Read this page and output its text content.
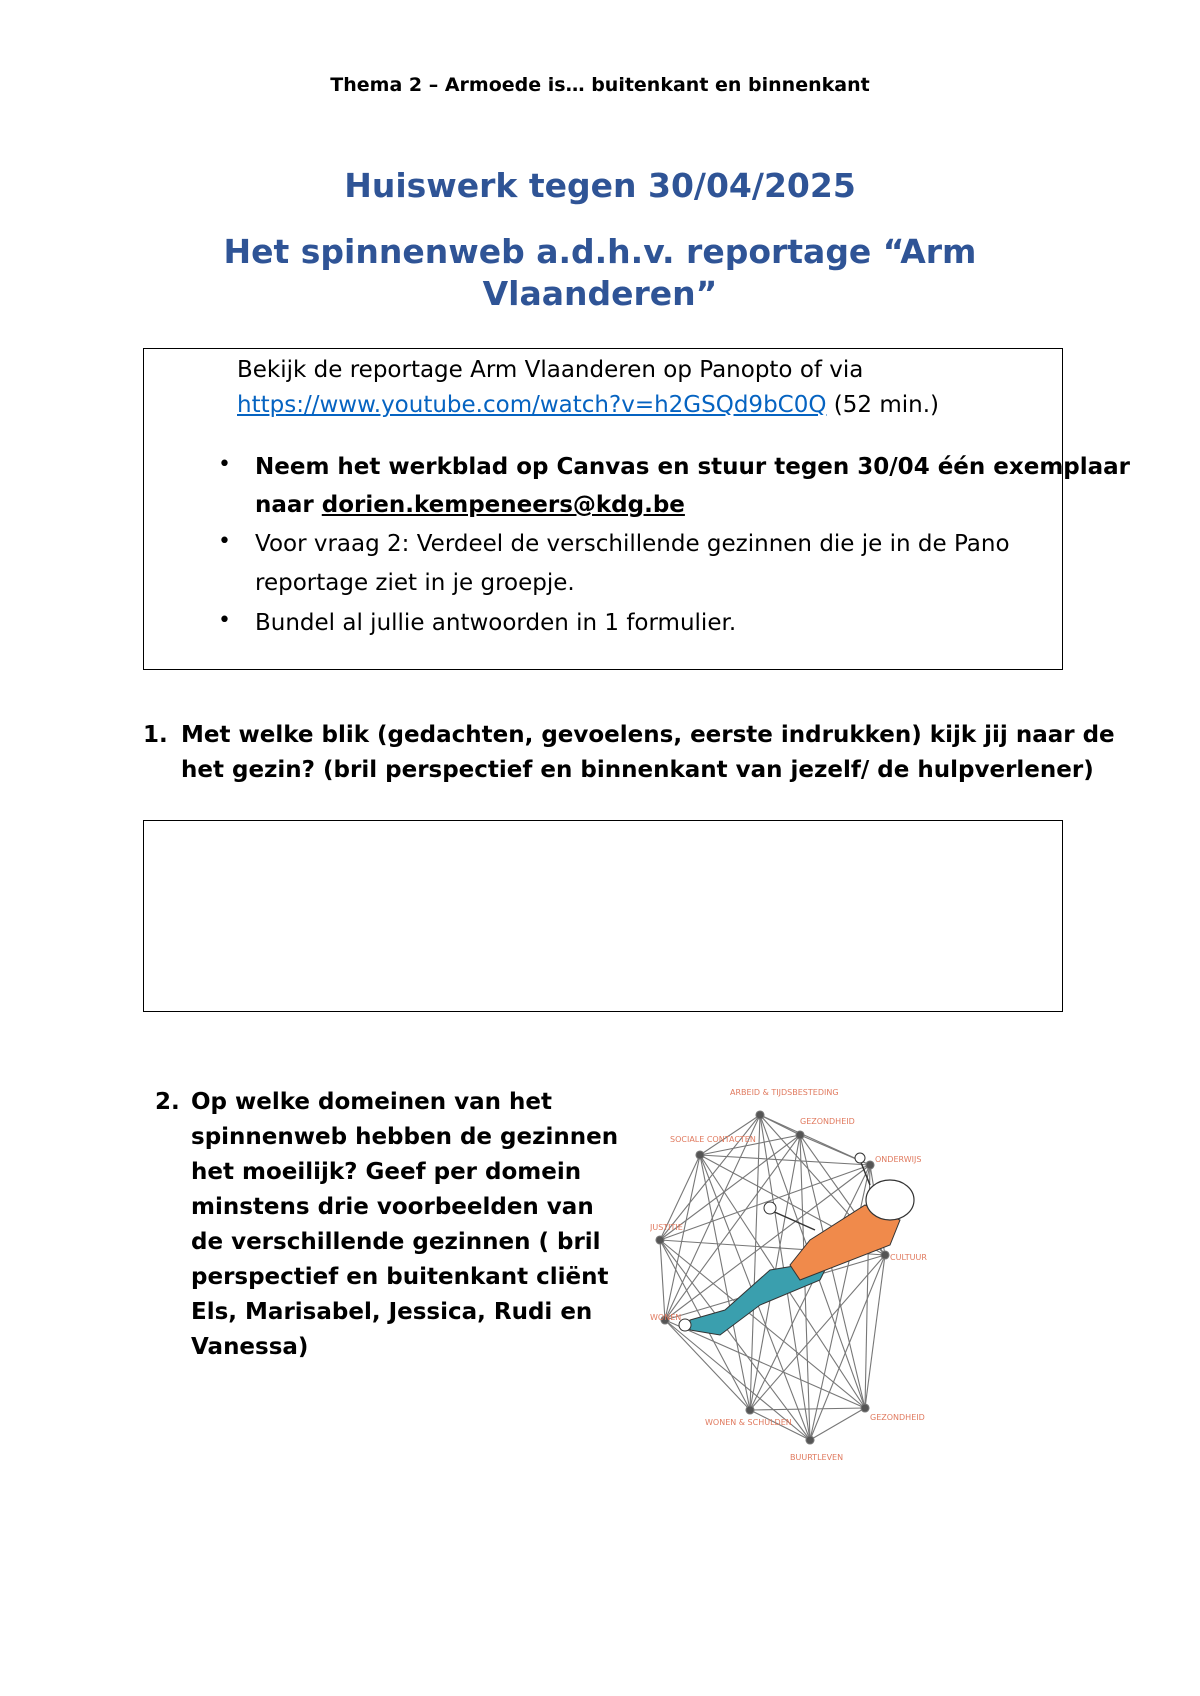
Thema 2 – Armoede is… buitenkant en binnenkant
Huiswerk tegen 30/04/2025
Het spinnenweb a.d.h.v. reportage “Arm
Vlaanderen”
Bekijk de reportage Arm Vlaanderen op Panopto of via
https://www.youtube.com/watch?v=h2GSQd9bC0Q (52 min.)
• Neem het werkblad op Canvas en stuur tegen 30/04 één exemplaar
naar dorien.kempeneers@kdg.be
• Voor vraag 2: Verdeel de verschillende gezinnen die je in de Pano
reportage ziet in je groepje.
• Bundel al jullie antwoorden in 1 formulier.
1. Met welke blik (gedachten, gevoelens, eerste indrukken) kijk jij naar de
het gezin? (bril perspectief en binnenkant van jezelf/ de hulpverlener)
2. Op welke domeinen van het
spinnenweb hebben de gezinnen
het moeilijk? Geef per domein
minstens drie voorbeelden van
de verschillende gezinnen ( bril
perspectief en buitenkant cliënt
Els, Marisabel, Jessica, Rudi en
Vanessa)
ARBEID & TIJDSBESTEDING
SOCIALE CONTACTEN
GEZONDHEID
ONDERWIJS
JUSTITIE
CULTUUR
WONEN
WONEN & SCHULDEN
GEZONDHEID
BUURTLEVEN
